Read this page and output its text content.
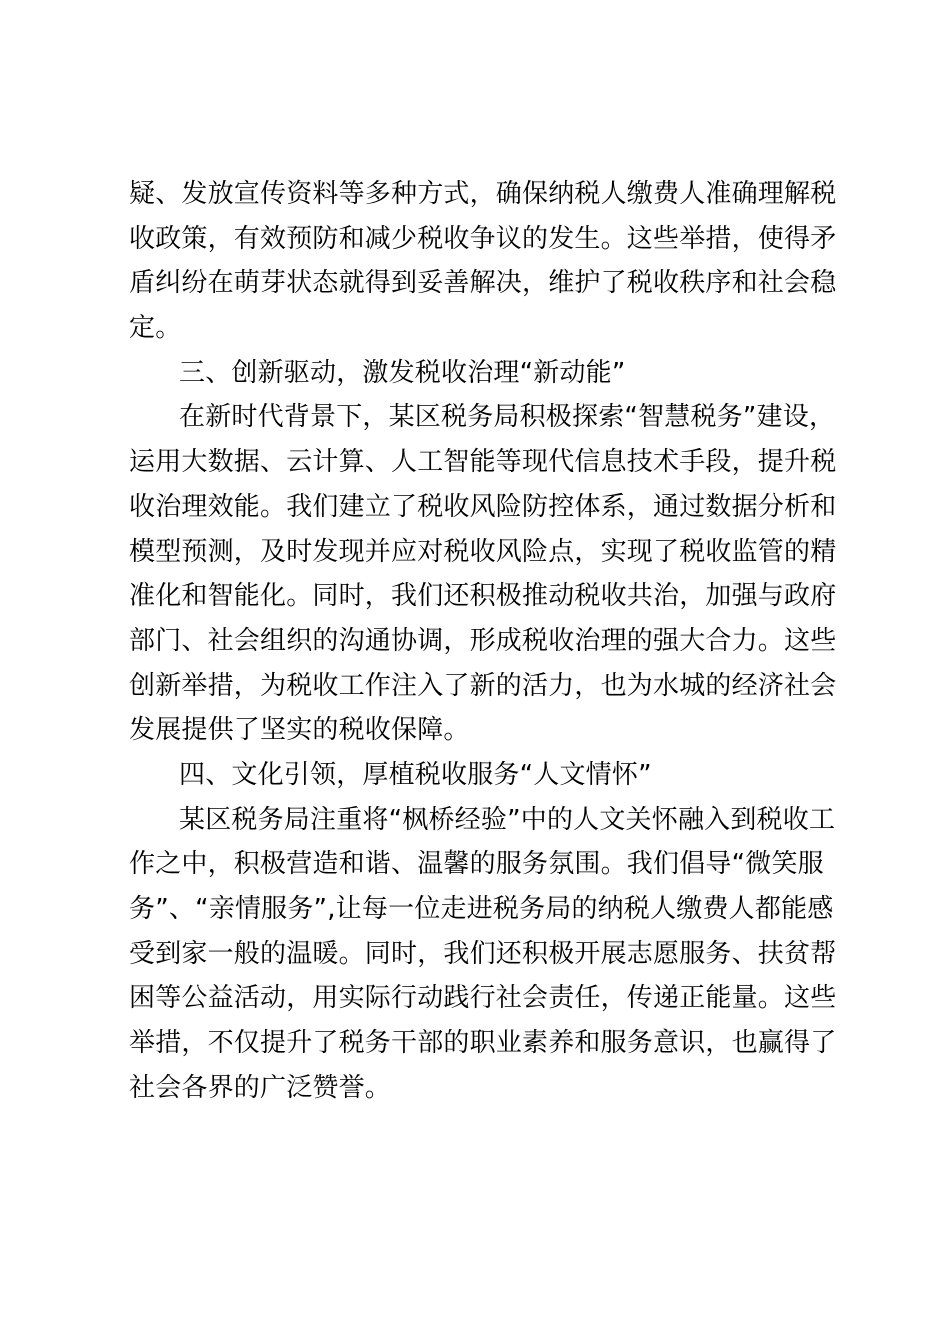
疑、发放宣传资料等多种方式，确保纳税人缴费人准确理解税
收政策，有效预防和减少税收争议的发生。这些举措，使得矛
盾纠纷在萌芽状态就得到妥善解决，维护了税收秩序和社会稳
定。
三、创新驱动，激发税收治理“新动能”
在新时代背景下，某区税务局积极探索“智慧税务”建设，
运用大数据、云计算、人工智能等现代信息技术手段，提升税
收治理效能。我们建立了税收风险防控体系，通过数据分析和
模型预测，及时发现并应对税收风险点，实现了税收监管的精
准化和智能化。同时，我们还积极推动税收共治，加强与政府
部门、社会组织的沟通协调，形成税收治理的强大合力。这些
创新举措，为税收工作注入了新的活力，也为水城的经济社会
发展提供了坚实的税收保障。
四、文化引领，厚植税收服务“人文情怀”
某区税务局注重将“枫桥经验”中的人文关怀融入到税收工
作之中，积极营造和谐、温馨的服务氛围。我们倡导“微笑服
务”、“亲情服务”,让每一位走进税务局的纳税人缴费人都能感
受到家一般的温暖。同时，我们还积极开展志愿服务、扶贫帮
困等公益活动，用实际行动践行社会责任，传递正能量。这些
举措，不仅提升了税务干部的职业素养和服务意识，也赢得了
社会各界的广泛赞誉。
